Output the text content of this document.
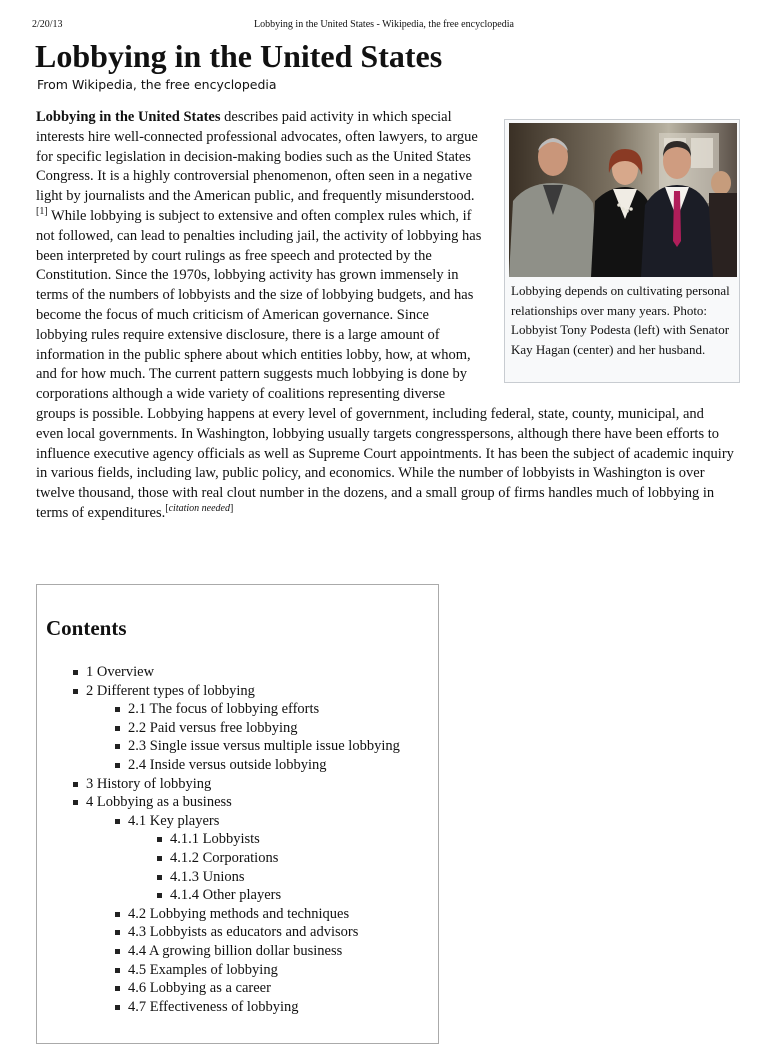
2/20/13	Lobbying in the United States - Wikipedia, the free encyclopedia
Lobbying in the United States
From Wikipedia, the free encyclopedia

Lobbying depends on cultivating personal relationships over many years. Photo: Lobbyist Tony Podesta (left) with Senator Kay Hagan (center) and her husband.
Lobbying in the United States describes paid activity in which special interests hire well-connected professional advocates, often lawyers, to argue for specific legislation in decision-making bodies such as the United States Congress. It is a highly controversial phenomenon, often seen in a negative light by journalists and the American public, and frequently misunderstood.[1] While lobbying is subject to extensive and often complex rules which, if not followed, can lead to penalties including jail, the activity of lobbying has been interpreted by court rulings as free speech and protected by the Constitution. Since the 1970s, lobbying activity has grown immensely in terms of the numbers of lobbyists and the size of lobbying budgets, and has become the focus of much criticism of American governance. Since lobbying rules require extensive disclosure, there is a large amount of information in the public sphere about which entities lobby, how, at whom, and for how much. The current pattern suggests much lobbying is done by corporations although a wide variety of coalitions representing diverse groups is possible. Lobbying happens at every level of government, including federal, state, county, municipal, and even local governments. In Washington, lobbying usually targets congresspersons, although there have been efforts to influence executive agency officials as well as Supreme Court appointments. It has been the subject of academic inquiry in various fields, including law, public policy, and economics. While the number of lobbyists in Washington is over twelve thousand, those with real clout number in the dozens, and a small group of firms handles much of lobbying in terms of expenditures.[citation needed]

Contents
1 Overview
2 Different types of lobbying
2.1 The focus of lobbying efforts
2.2 Paid versus free lobbying
2.3 Single issue versus multiple issue lobbying
2.4 Inside versus outside lobbying
3 History of lobbying
4 Lobbying as a business
4.1 Key players
4.1.1 Lobbyists
4.1.2 Corporations
4.1.3 Unions
4.1.4 Other players
4.2 Lobbying methods and techniques
4.3 Lobbyists as educators and advisors
4.4 A growing billion dollar business
4.5 Examples of lobbying
4.6 Lobbying as a career
4.7 Effectiveness of lobbying
